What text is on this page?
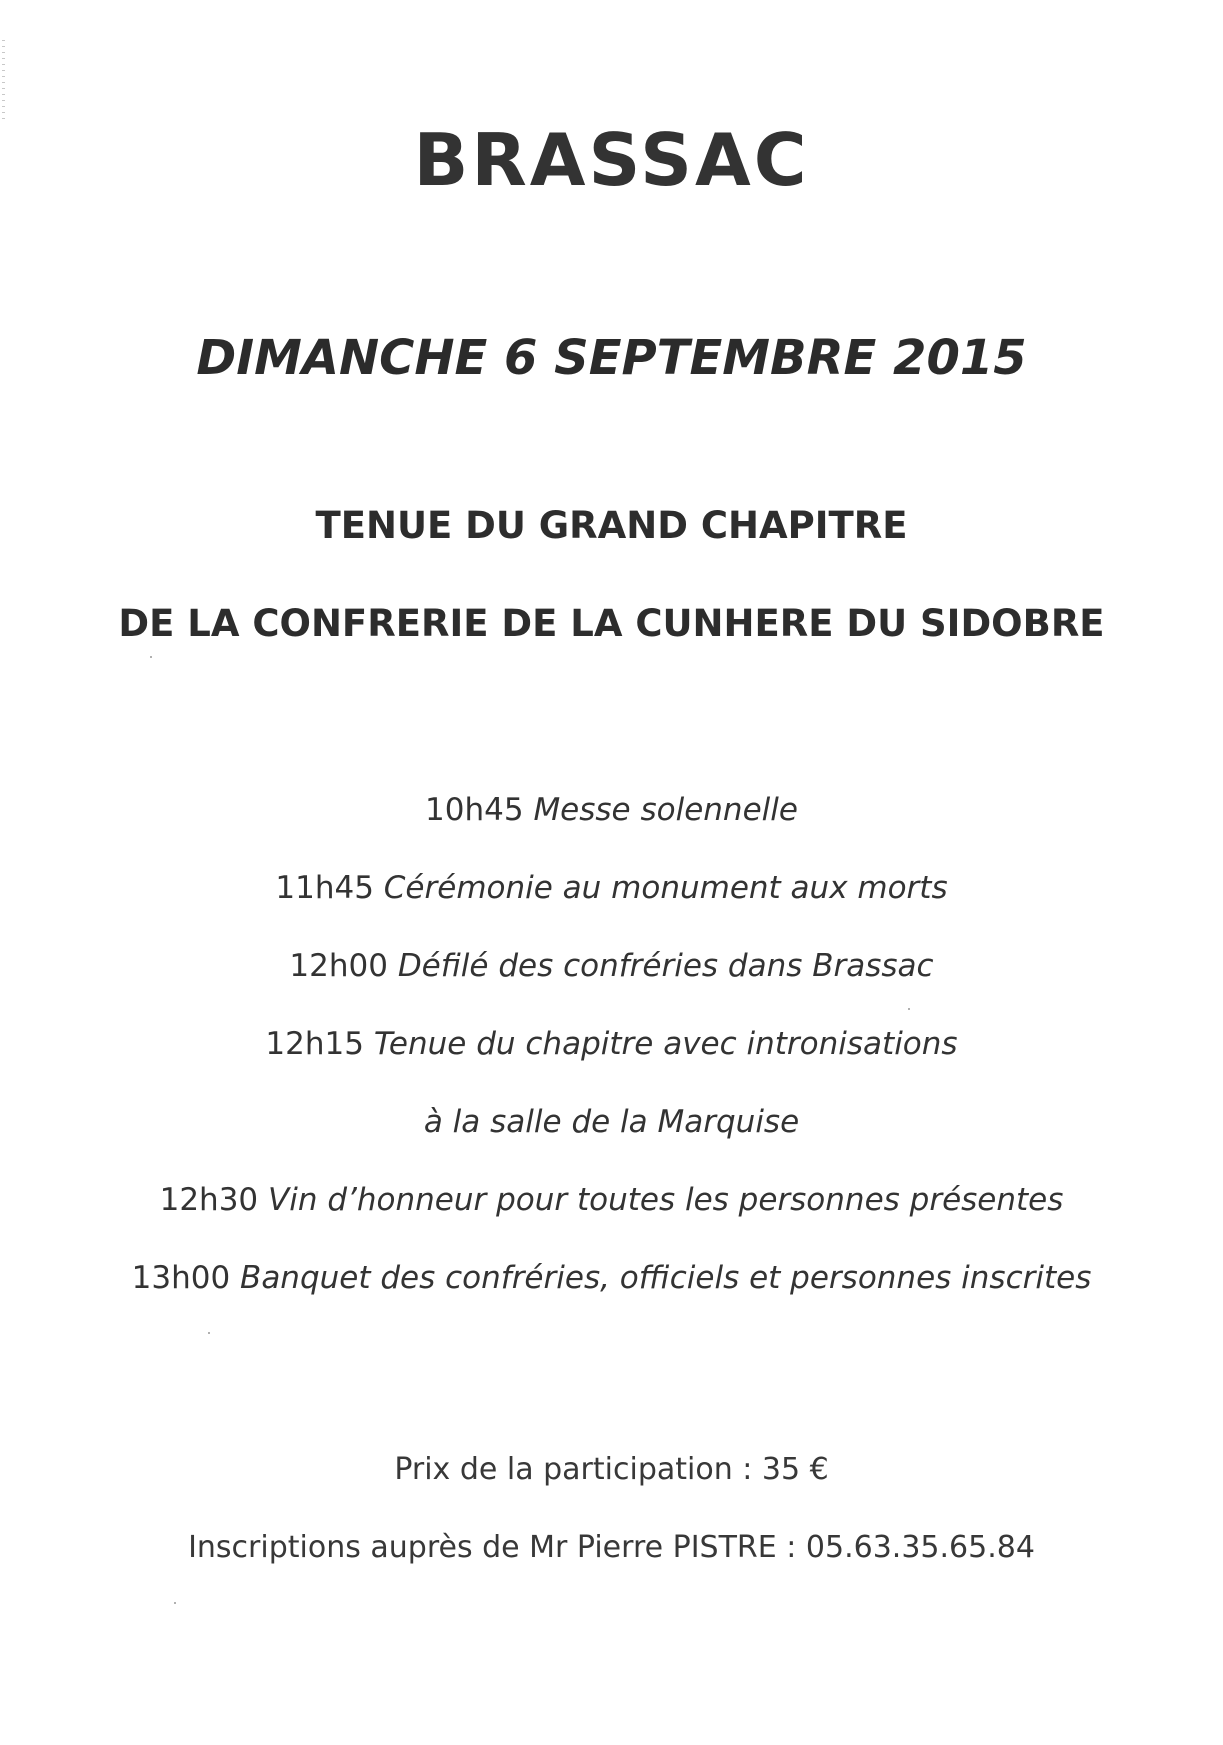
BRASSAC
DIMANCHE 6 SEPTEMBRE 2015
TENUE DU GRAND CHAPITRE
DE LA CONFRERIE DE LA CUNHERE DU SIDOBRE
10h45 Messe solennelle
11h45 Cérémonie au monument aux morts
12h00 Défilé des confréries dans Brassac
12h15 Tenue du chapitre avec intronisations
à la salle de la Marquise
12h30 Vin d’honneur pour toutes les personnes présentes
13h00 Banquet des confréries, officiels et personnes inscrites
Prix de la participation : 35 €
Inscriptions auprès de Mr Pierre PISTRE : 05.63.35.65.84
